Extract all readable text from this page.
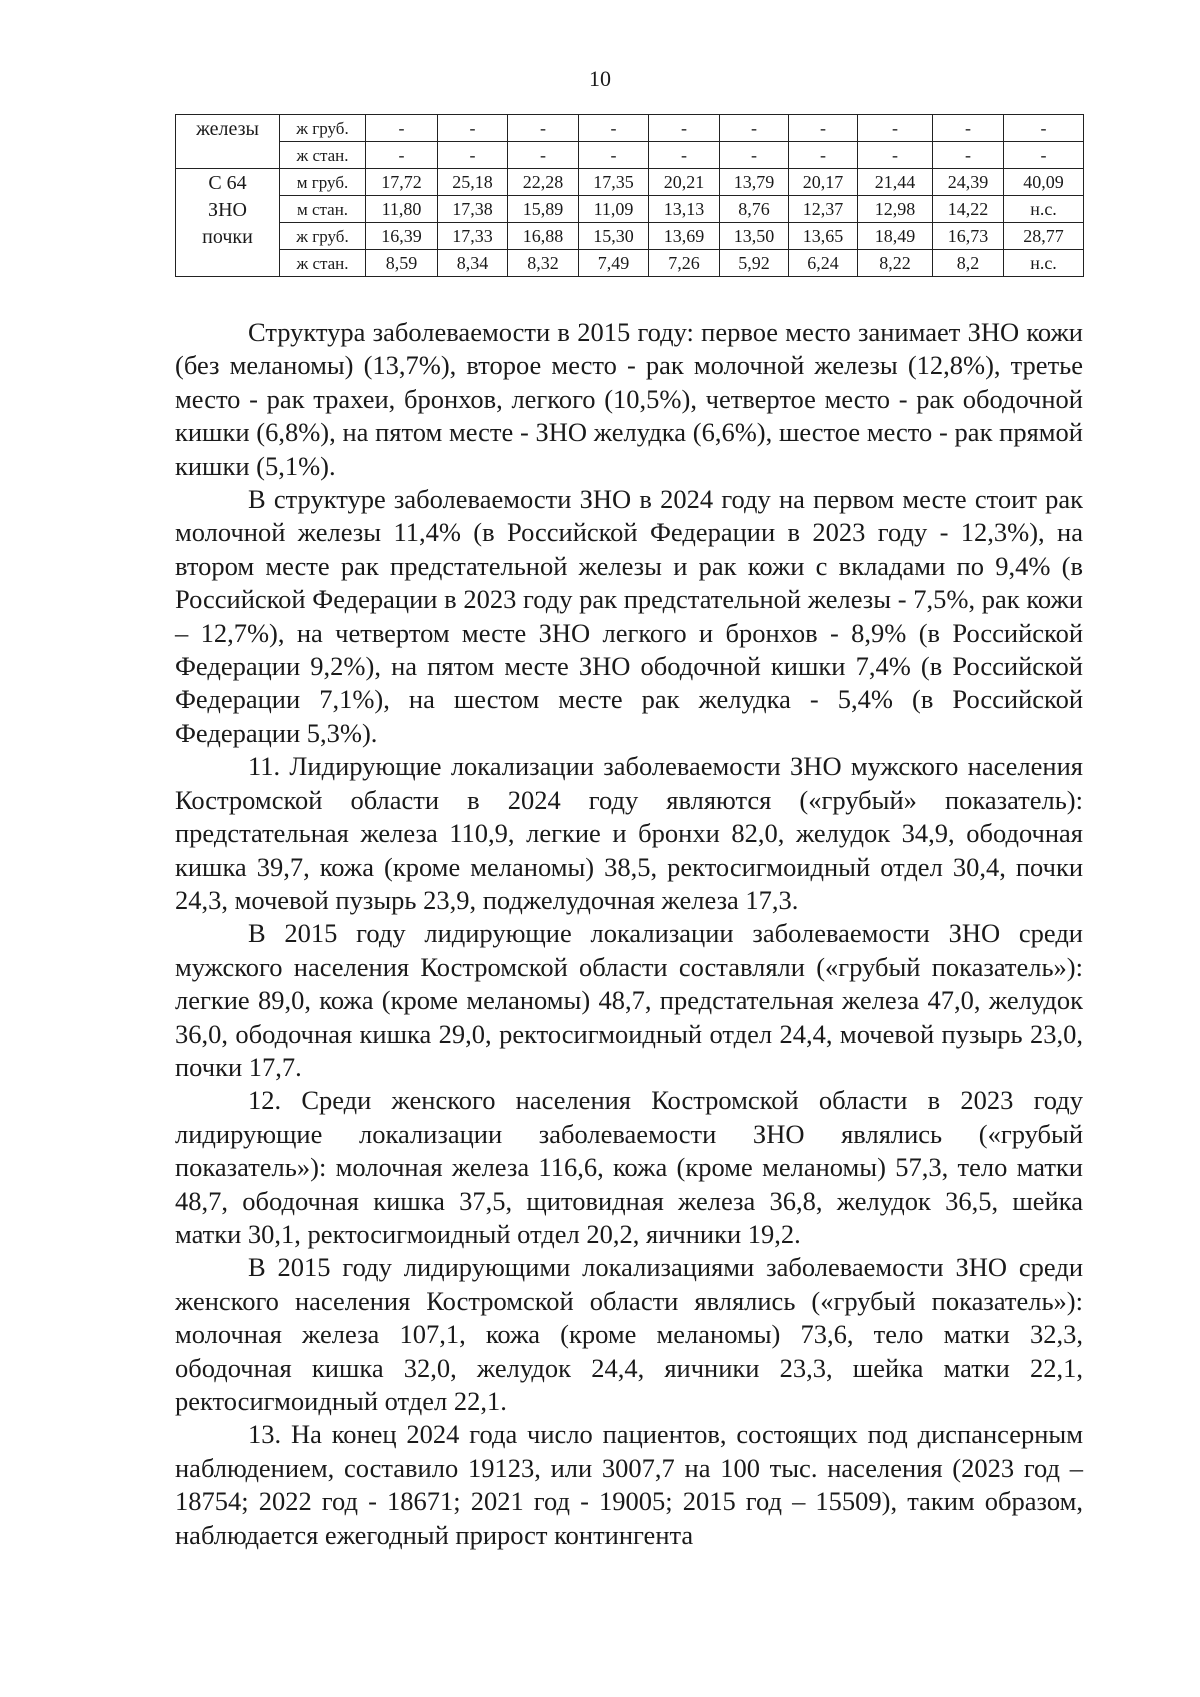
10
железы	ж груб.	-	-	-	-	-	-	-	-	-	-
	ж стан.	-	-	-	-	-	-	-	-	-	-
С 64
ЗНО
почки	м груб.	17,72	25,18	22,28	17,35	20,21	13,79	20,17	21,44	24,39	40,09
	м стан.	11,80	17,38	15,89	11,09	13,13	8,76	12,37	12,98	14,22	н.с.
	ж груб.	16,39	17,33	16,88	15,30	13,69	13,50	13,65	18,49	16,73	28,77
	ж стан.	8,59	8,34	8,32	7,49	7,26	5,92	6,24	8,22	8,2	н.с.

Структура заболеваемости в 2015 году: первое место занимает ЗНО кожи (без меланомы) (13,7%), второе место - рак молочной железы (12,8%), третье место - рак трахеи, бронхов, легкого (10,5%), четвертое место - рак ободочной кишки (6,8%), на пятом месте - ЗНО желудка (6,6%), шестое место - рак прямой кишки (5,1%).

В структуре заболеваемости ЗНО в 2024 году на первом месте стоит рак молочной железы 11,4% (в Российской Федерации в 2023 году - 12,3%), на втором месте рак предстательной железы и рак кожи с вкладами по 9,4% (в Российской Федерации в 2023 году рак предстательной железы - 7,5%, рак кожи – 12,7%), на четвертом месте ЗНО легкого и бронхов - 8,9% (в Российской Федерации 9,2%), на пятом месте ЗНО ободочной кишки 7,4% (в Российской Федерации 7,1%), на шестом месте рак желудка - 5,4% (в Российской Федерации 5,3%).

11. Лидирующие локализации заболеваемости ЗНО мужского населения Костромской области в 2024 году являются («грубый» показатель): предстательная железа 110,9, легкие и бронхи 82,0, желудок 34,9, ободочная кишка 39,7, кожа (кроме меланомы) 38,5, ректосигмоидный отдел 30,4, почки 24,3, мочевой пузырь 23,9, поджелудочная железа 17,3.

В 2015 году лидирующие локализации заболеваемости ЗНО среди мужского населения Костромской области составляли («грубый показатель»): легкие 89,0, кожа (кроме меланомы) 48,7, предстательная железа 47,0, желудок 36,0, ободочная кишка 29,0, ректосигмоидный отдел 24,4, мочевой пузырь 23,0, почки 17,7.

12. Среди женского населения Костромской области в 2023 году лидирующие локализации заболеваемости ЗНО являлись («грубый показатель»): молочная железа 116,6, кожа (кроме меланомы) 57,3, тело матки 48,7, ободочная кишка 37,5, щитовидная железа 36,8, желудок 36,5, шейка матки 30,1, ректосигмоидный отдел 20,2, яичники 19,2.

В 2015 году лидирующими локализациями заболеваемости ЗНО среди женского населения Костромской области являлись («грубый показатель»): молочная железа 107,1, кожа (кроме меланомы) 73,6, тело матки 32,3, ободочная кишка 32,0, желудок 24,4, яичники 23,3, шейка матки 22,1, ректосигмоидный отдел 22,1.

13. На конец 2024 года число пациентов, состоящих под диспансерным наблюдением, составило 19123, или 3007,7 на 100 тыс. населения (2023 год – 18754; 2022 год - 18671; 2021 год - 19005; 2015 год – 15509), таким образом, наблюдается ежегодный прирост контингента
